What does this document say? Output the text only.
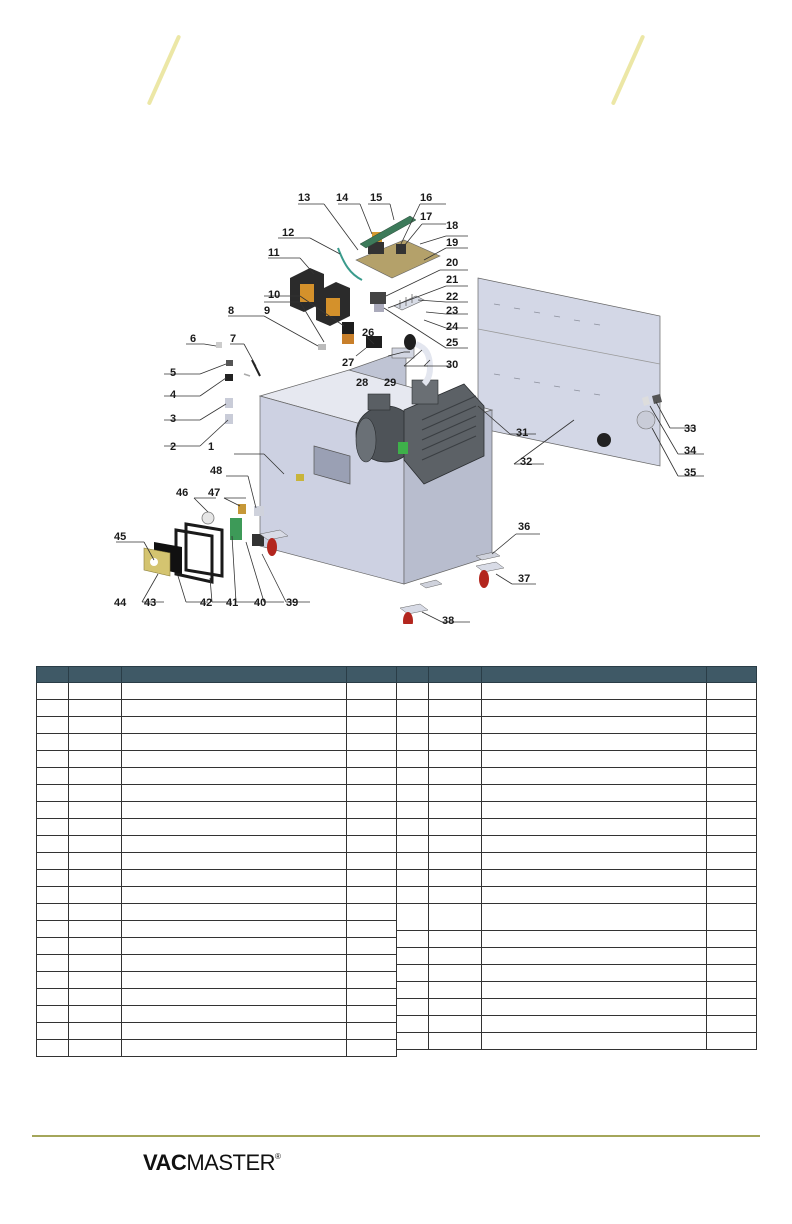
1
2
3
4
5
6	7
8	9
10
11
12
13 14 15	16
17
18
19
20
21
22
23
24
25
26
27
28 29
30
31
32
33
34
35
36
37
38
39
40
41
42
43
44
45
46 47
48

VACMASTER®
